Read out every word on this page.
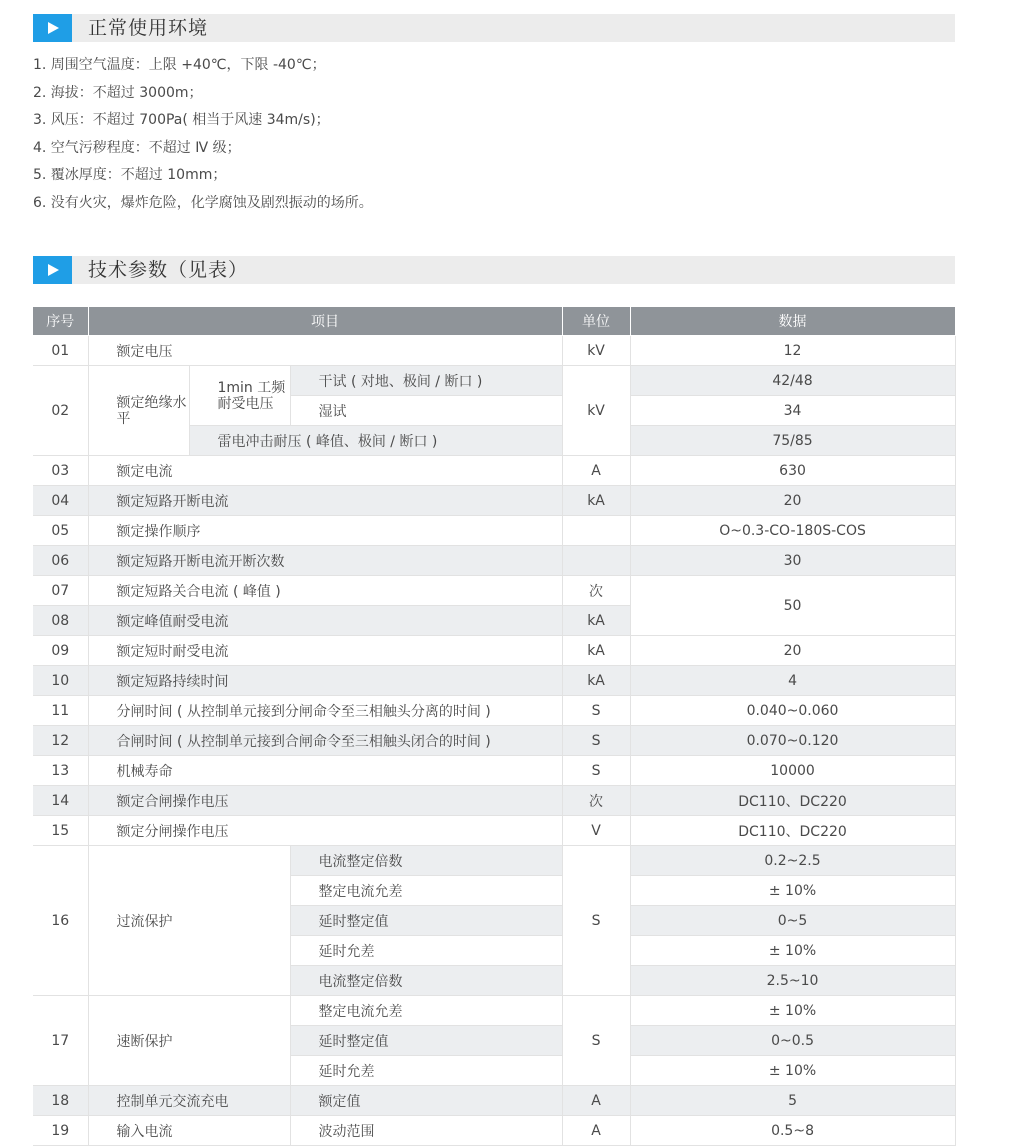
正常使用环境
1. 周围空气温度：上限 +40℃，下限 -40℃；
2. 海拔：不超过 3000m；
3. 风压：不超过 700Pa( 相当于风速 34m/s)；
4. 空气污秽程度：不超过 Ⅳ 级；
5. 覆冰厚度：不超过 10mm；
6. 没有火灾，爆炸危险，化学腐蚀及剧烈振动的场所。
技术参数（见表）
序号	项目			单位	数据
01	额定电压			kV	12
02	额定绝缘水平	1min 工频耐受电压	干试 ( 对地、极间 / 断口 )	kV	42/48
			湿试		34
		雷电冲击耐压 ( 峰值、极间 / 断口 )			75/85
03	额定电流			A	630
04	额定短路开断电流			kA	20
05	额定操作顺序				O~0.3-CO-180S-COS
06	额定短路开断电流开断次数				30
07	额定短路关合电流 ( 峰值 )			次	50
08	额定峰值耐受电流			kA	
09	额定短时耐受电流			kA	20
10	额定短路持续时间			kA	4
11	分闸时间 ( 从控制单元接到分闸命令至三相触头分离的时间 )			S	0.040~0.060
12	合闸时间 ( 从控制单元接到合闸命令至三相触头闭合的时间 )			S	0.070~0.120
13	机械寿命			S	10000
14	额定合闸操作电压			次	DC110、DC220
15	额定分闸操作电压			V	DC110、DC220
16	过流保护		电流整定倍数	S	0.2~2.5
			整定电流允差		± 10%
			延时整定值		0~5
			延时允差		± 10%
			电流整定倍数		2.5~10
17	速断保护		整定电流允差	S	± 10%
			延时整定值		0~0.5
			延时允差		± 10%
18	控制单元交流充电		额定值	A	5
19	输入电流		波动范围	A	0.5~8
